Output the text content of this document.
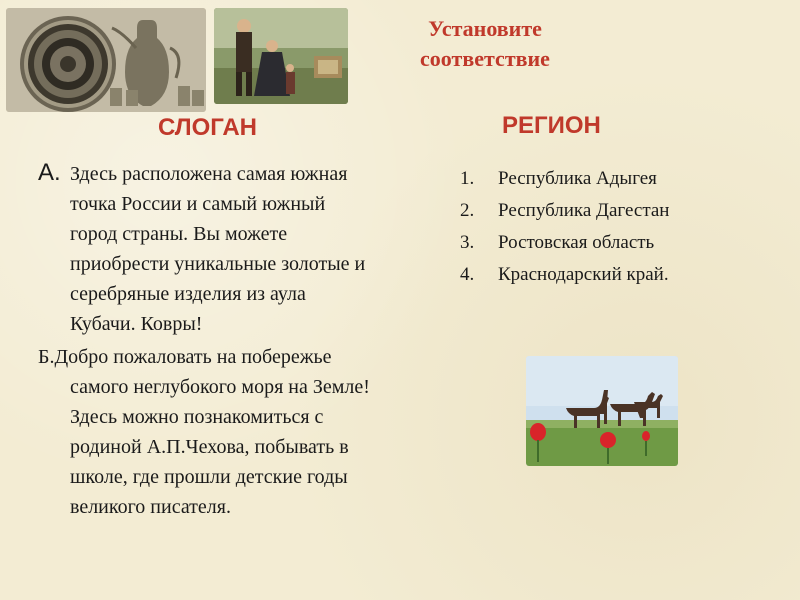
Установите
соответствие
СЛОГАН	РЕГИОН
А. Здесь расположена самая южная
точка России и самый южный
город страны. Вы можете
приобрести уникальные золотые и
серебряные изделия из аула
Кубачи. Ковры!
Б.Добро пожаловать на побережье
самого неглубокого моря на Земле!
Здесь можно познакомиться с
родиной А.П.Чехова, побывать в
школе, где прошли детские годы
великого писателя.
1.	Республика Адыгея
2.	Республика Дагестан
3.	Ростовская область
4.	Краснодарский край.
